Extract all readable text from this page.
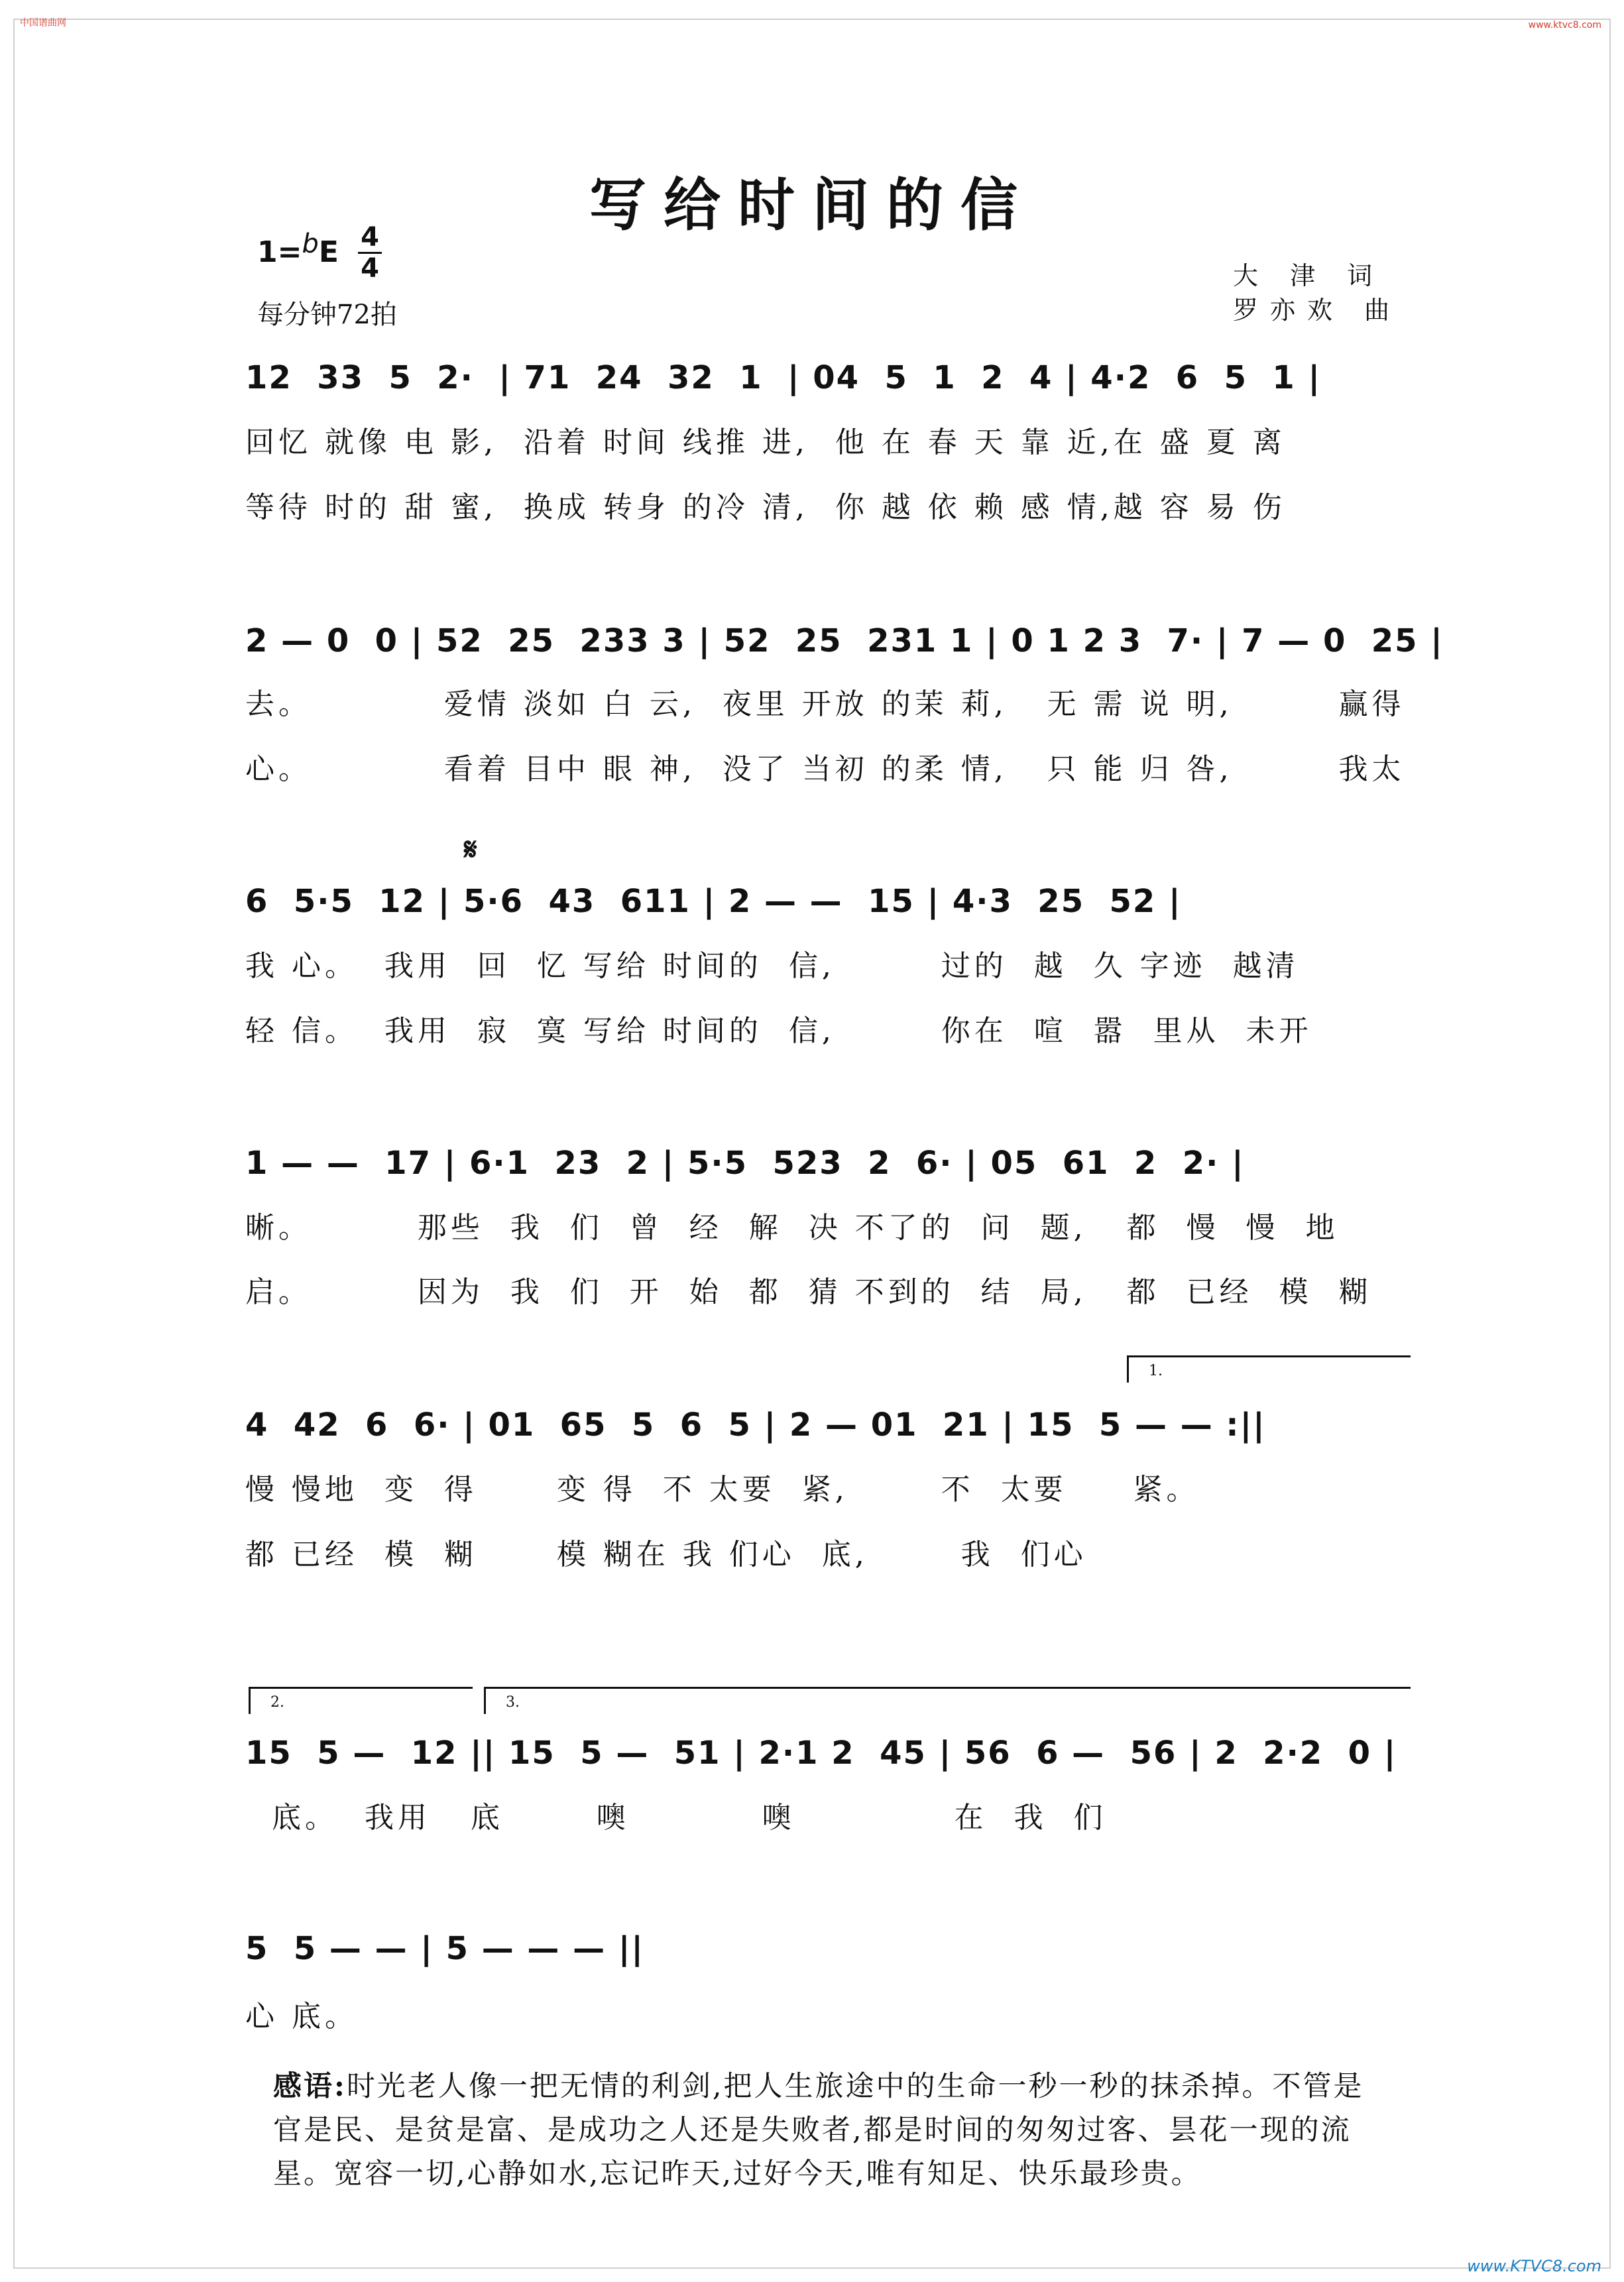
中国谱曲网	www.ktvc8.com
www.KTVC8.com
写给时间的信
1=bE 4
4
每分钟72拍
大 津 词
罗亦欢 曲
𝄋
12  33  5  2·  | 71  24  32  1  | 04  5  1  2  4 | 4·2  6  5  1 |
回忆 就像 电 影,  沿着 时间 线推 进,  他 在 春 天 靠 近,在 盛 夏 离
等待 时的 甜 蜜,  换成 转身 的冷 清,  你 越 依 赖 感 情,越 容 易 伤
2 — 0  0 | 52  25  233 3 | 52  25  231 1 | 0 1 2 3  7· | 7 — 0  25 |
去。          爱情 淡如 白 云,  夜里 开放 的茉 莉,   无 需 说 明,        赢得
心。          看着 目中 眼 神,  没了 当初 的柔 情,   只 能 归 咎,        我太
6  5·5  12 | 5·6  43  611 | 2 — —  15 | 4·3  25  52 |
我 心。  我用  回  忆 写给 时间的  信,        过的  越  久 字迹  越清
轻 信。  我用  寂  寞 写给 时间的  信,        你在  喧  嚣  里从  未开
1 — —  17 | 6·1  23  2 | 5·5  523  2  6· | 05  61  2  2· |
晰。        那些  我  们  曾  经  解  决 不了的  问  题,   都  慢  慢  地
启。        因为  我  们  开  始  都  猜 不到的  结  局,   都  已经  模  糊
1.
4  42  6  6· | 01  65  5  6  5 | 2 — 01  21 | 15  5 — — :||
慢 慢地  变  得      变 得  不 太要  紧,       不  太要     紧。
都 已经  模  糊      模 糊在 我 们心  底,       我  们心
2.	3.
15  5 —  12 || 15  5 —  51 | 2·1 2  45 | 56  6 —  56 | 2  2·2  0 |
底。  我用   底       噢          噢            在  我  们
5  5 — — | 5 — — — ||
心 底。
感语:时光老人像一把无情的利剑,把人生旅途中的生命一秒一秒的抹杀掉。不管是官是民、是贫是富、是成功之人还是失败者,都是时间的匆匆过客、昙花一现的流星。宽容一切,心静如水,忘记昨天,过好今天,唯有知足、快乐最珍贵。
